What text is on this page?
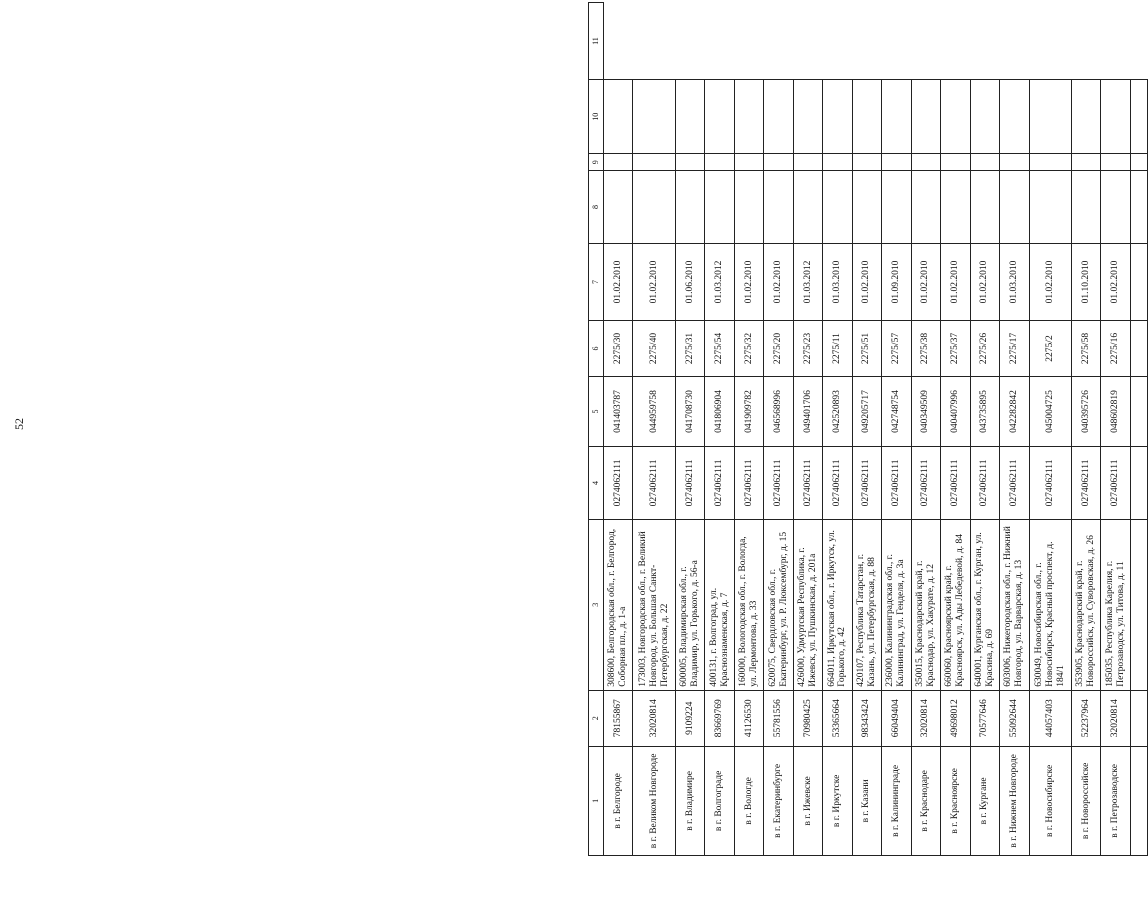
52
1	2	3	4	5	6	7	8	9	10	11
в г. Белгороде	78155867	308600, Белгородская обл., г. Белгород, Соборная пл., д. 1-а	0274062111	041403787	2275/30	01.02.2010				
в г. Великом Новгороде	32020814	173003, Новгородская обл., г. Великий Новгород, ул. Большая Санкт-Петербургская, д. 22	0274062111	044959758	2275/40	01.02.2010				
в г. Владимире	9109224	600005, Владимирская обл., г. Владимир, ул. Горького, д. 56-а	0274062111	041708730	2275/31	01.06.2010				
в г. Волгограде	83669769	400131, г. Волгоград, ул. Краснознаменская, д. 7	0274062111	041806904	2275/54	01.03.2012				
в г. Вологде	41126530	160000, Вологодская обл., г. Вологда, ул. Лермонтова, д. 33	0274062111	041909782	2275/32	01.02.2010				
в г. Екатеринбурге	55781556	620075, Свердловская обл., г. Екатеринбург, ул. Р. Люксембург, д. 15	0274062111	046568996	2275/20	01.02.2010				
в г. Ижевске	70980425	426000, Удмуртская Республика, г. Ижевск, ул. Пушкинская, д. 201а	0274062111	049401706	2275/23	01.03.2012				
в г. Иркутске	53365664	664011, Иркутская обл., г. Иркутск, ул. Горького, д. 42	0274062111	042520893	2275/11	01.03.2010				
в г. Казани	98343424	420107, Республика Татарстан, г. Казань, ул. Петербургская, д. 88	0274062111	049205717	2275/51	01.02.2010				
в г. Калининграде	66049404	236000, Калининградская обл., г. Калининград, ул. Генделя, д. 3а	0274062111	042748754	2275/57	01.09.2010				
в г. Краснодаре	32020814	350015, Краснодарский край, г. Краснодар, ул. Хакурате, д. 12	0274062111	040349509	2275/38	01.02.2010				
в г. Красноярске	49698012	660060, Красноярский край, г. Красноярск, ул. Ады Лебедевой, д. 84	0274062111	040407996	2275/37	01.02.2010				
в г. Кургане	70577646	640001, Курганская обл., г. Курган, ул. Красина, д. 69	0274062111	043735895	2275/26	01.02.2010				
в г. Нижнем Новгороде	55092644	603006, Нижегородская обл., г. Нижний Новгород, ул. Варварская, д. 13	0274062111	042282842	2275/17	01.03.2010				
в г. Новосибирске	44057403	630049, Новосибирская обл., г. Новосибирск, Красный проспект, д. 184/1	0274062111	045004725	2275/2	01.02.2010				
в г. Новороссийске	52237964	353905, Краснодарский край, г. Новороссийск, ул. Суворовская, д. 26	0274062111	040395726	2275/58	01.10.2010				
в г. Петрозаводске	32020814	185035, Республика Карелия, г. Петрозаводск, ул. Титова, д. 11	0274062111	048602819	2275/16	01.02.2010				
